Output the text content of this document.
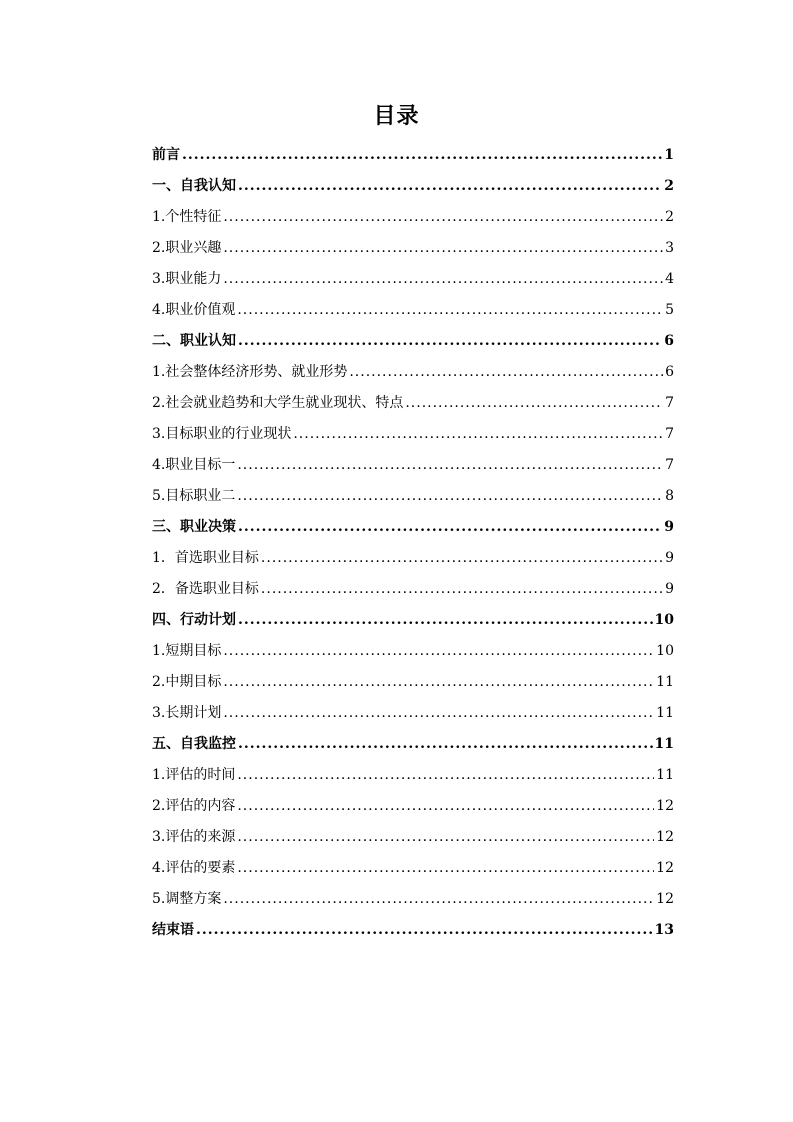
目录
前言 .....	1
一、自我认知 .....	2
1.个性特征 .....	2
2.职业兴趣 .....	3
3.职业能力 .....	4
4.职业价值观 .....	5
二、职业认知 .....	6
1.社会整体经济形势、就业形势 .....	6
2.社会就业趋势和大学生就业现状、特点 .....	7
3.目标职业的行业现状 .....	7
4.职业目标一 .....	7
5.目标职业二 .....	8
三、职业决策 .....	9
1．首选职业目标 .....	9
2．备选职业目标 .....	9
四、行动计划 .....	10
1.短期目标 .....	10
2.中期目标 .....	11
3.长期计划 .....	11
五、自我监控 .....	11
1.评估的时间 .....	11
2.评估的内容 .....	12
3.评估的来源 .....	12
4.评估的要素 .....	12
5.调整方案 .....	12
结束语 .....	13
